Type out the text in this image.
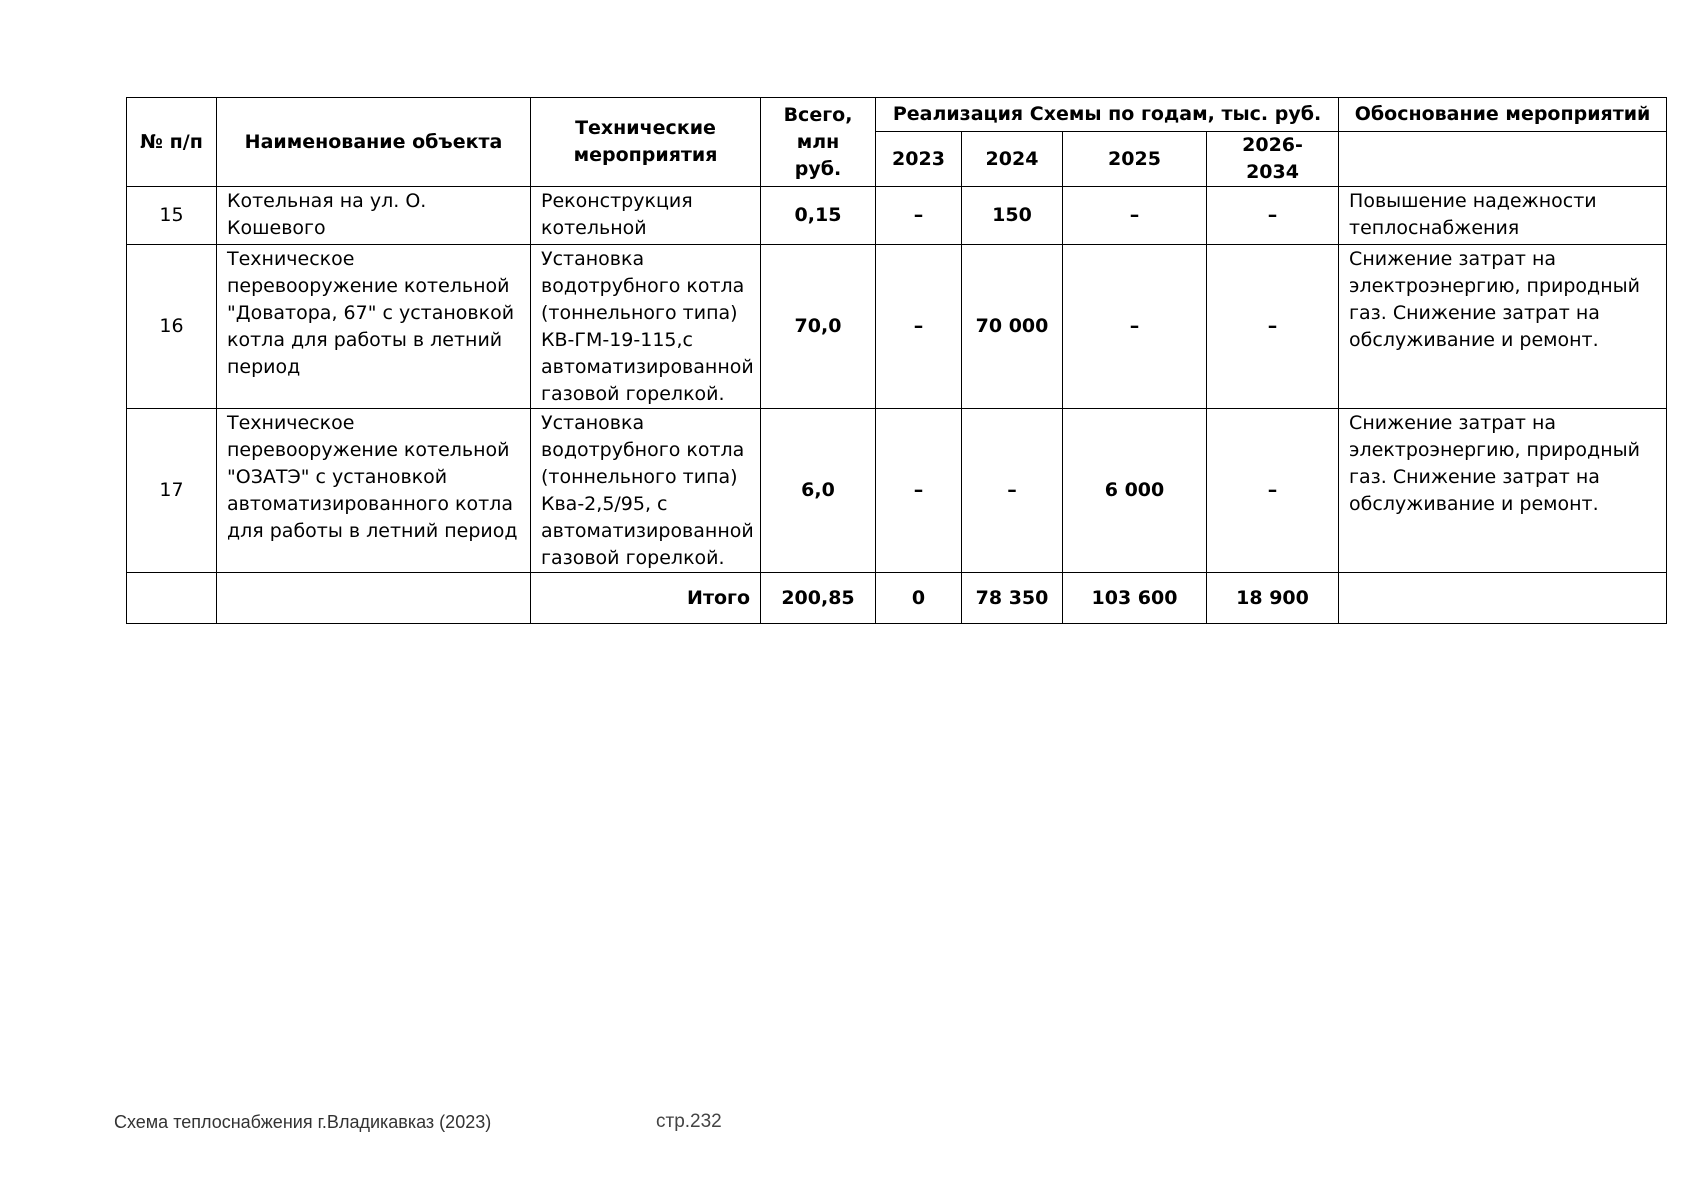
№ п/п	Наименование объекта	Технические мероприятия	Всего, млн руб.	Реализация Схемы по годам, тыс. руб.				Обоснование мероприятий
				2023	2024	2025	2026-2034	
15	Котельная на ул. О. Кошевого	Реконструкция котельной	0,15	–	150	–	–	Повышение надежности теплоснабжения
16	Техническое перевооружение котельной "Доватора, 67" с установкой котла для работы в летний период	Установка водотрубного котла (тоннельного типа) КВ-ГМ-19-115,с автоматизированной газовой горелкой.	70,0	–	70 000	–	–	Снижение затрат на электроэнергию, природный газ. Снижение затрат на обслуживание и ремонт.
17	Техническое перевооружение котельной "ОЗАТЭ" с установкой автоматизированного котла для работы в летний период	Установка водотрубного котла (тоннельного типа) Ква-2,5/95, с автоматизированной газовой горелкой.	6,0	–	–	6 000	–	Снижение затрат на электроэнергию, природный газ. Снижение затрат на обслуживание и ремонт.
		Итого	200,85	0	78 350	103 600	18 900	
Схема теплоснабжения г.Владикавказ (2023)	стр.232
